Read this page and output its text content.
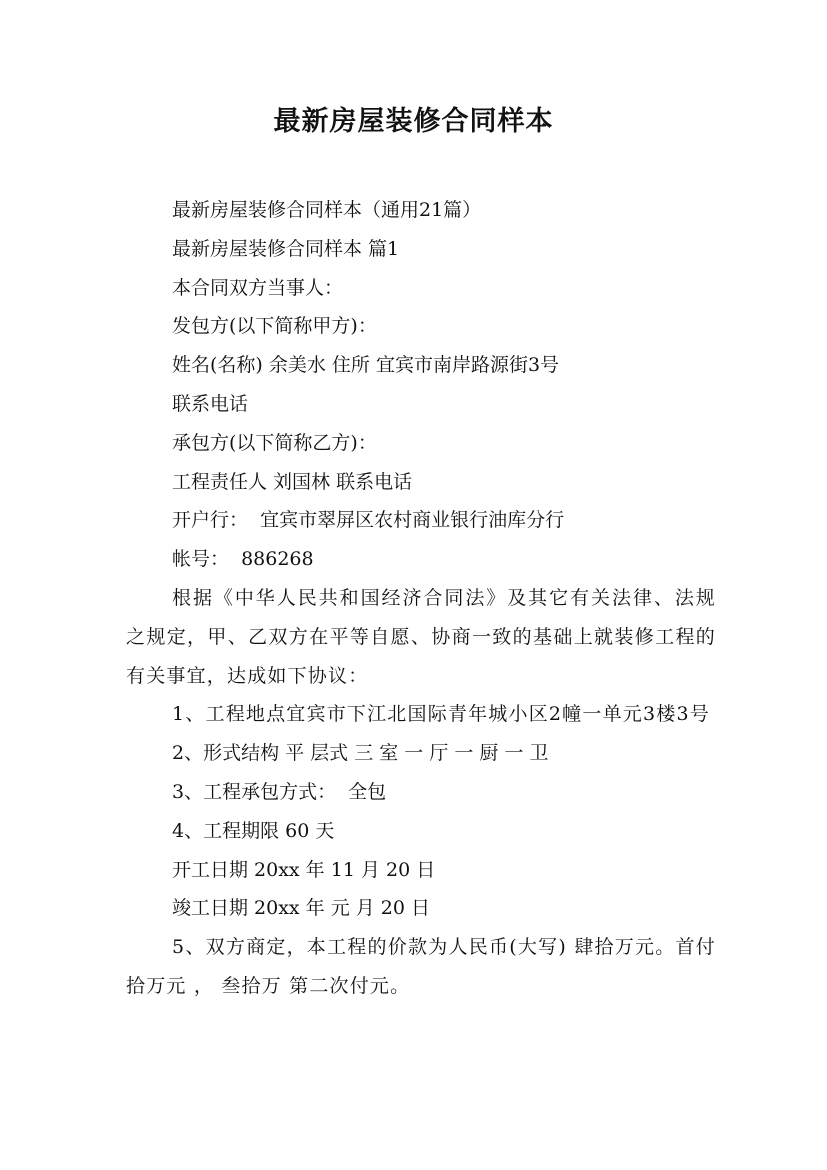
最新房屋装修合同样本
最新房屋装修合同样本（通用21篇）
最新房屋装修合同样本 篇1
本合同双方当事人：
发包方(以下简称甲方)：
姓名(名称) 余美水 住所 宜宾市南岸路源街3号
联系电话
承包方(以下简称乙方)：
工程责任人 刘国林 联系电话
开户行：  宜宾市翠屏区农村商业银行油库分行
帐号：  886268
根据《中华人民共和国经济合同法》及其它有关法律、法规之规定，甲、乙双方在平等自愿、协商一致的基础上就装修工程的有关事宜，达成如下协议：
1、工程地点宜宾市下江北国际青年城小区2幢一单元3楼3号
2、形式结构 平 层式 三 室 一 厅 一 厨 一 卫
3、工程承包方式：  全包
4、工程期限 60 天
开工日期 20xx 年 11 月 20 日
竣工日期 20xx 年 元 月 20 日
5、双方商定，本工程的价款为人民币(大写) 肆拾万元。首付 拾万元 ， 叁拾万 第二次付元。
